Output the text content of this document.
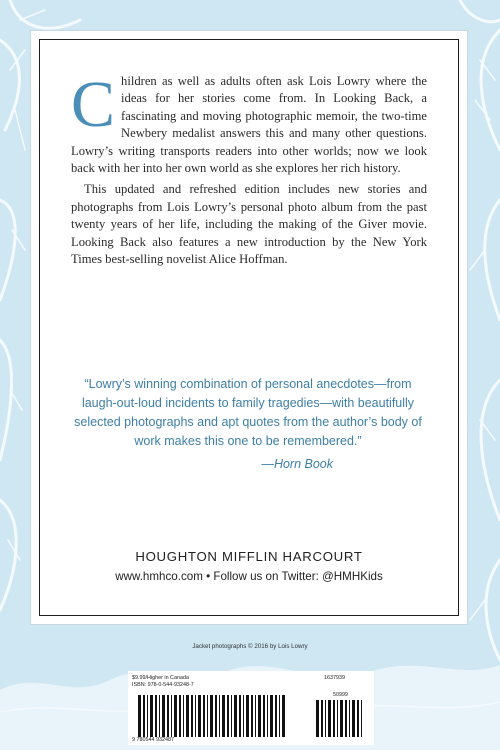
Children as well as adults often ask Lois Lowry where the ideas for her stories come from. In Looking Back, a fascinating and moving photographic memoir, the two-time Newbery medalist answers this and many other questions. Lowry’s writing transports readers into other worlds; now we look back with her into her own world as she explores her rich history.

This updated and refreshed edition includes new stories and photographs from Lois Lowry’s personal photo album from the past twenty years of her life, including the making of the Giver movie. Looking Back also features a new introduction by the New York Times best-selling novelist Alice Hoffman.

“Lowry’s winning combination of personal anecdotes—from laugh-out-loud incidents to family tragedies—with beautifully selected photographs and apt quotes from the author’s body of work makes this one to be remembered.”

—Horn Book

HOUGHTON MIFFLIN HARCOURT
www.hmhco.com • Follow us on Twitter: @HMHKids
Jacket photographs © 2016 by Lois Lowry
$9.99/Higher in Canada
ISBN: 978-0-544-93248-7
1637939
50999
9 780544 932487
